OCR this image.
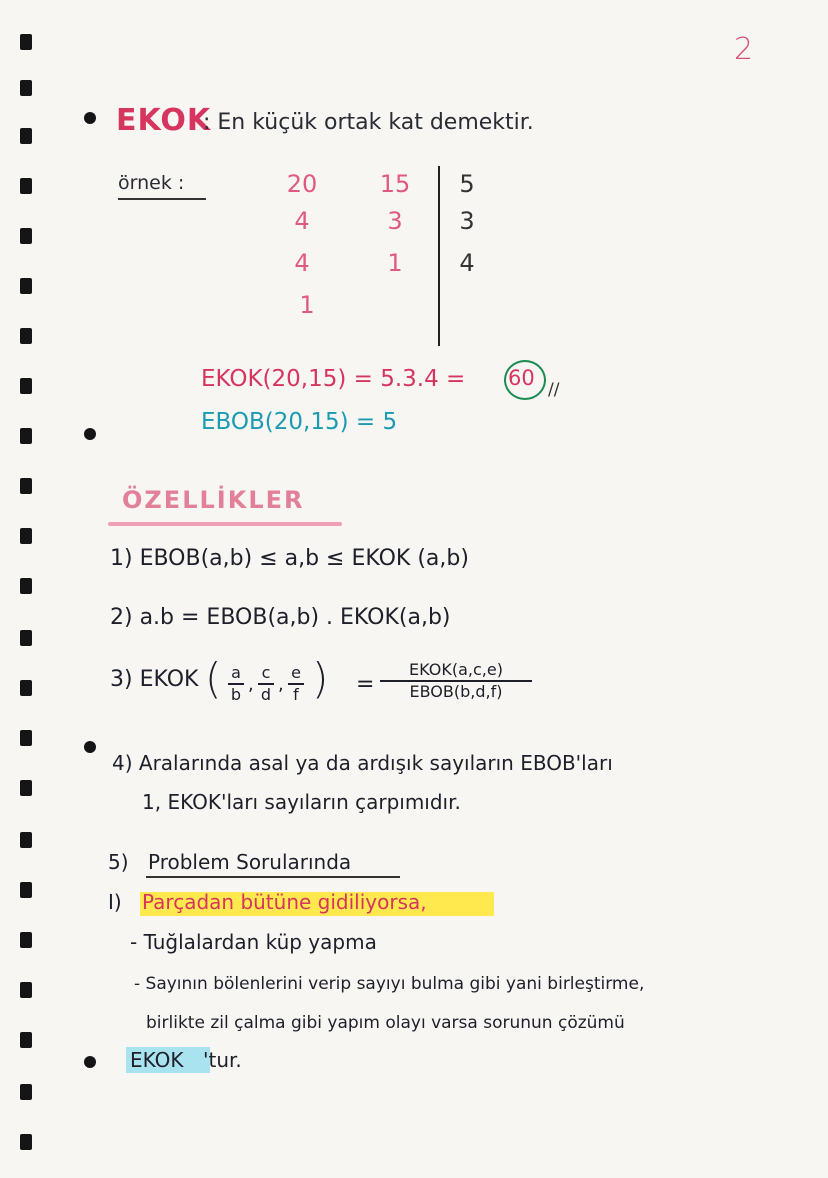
2
EKOK
: En küçük ortak kat demektir.
örnek :	20
4
4
1
15
3
1
5
3
4
EKOK(20,15) = 5.3.4 = 60 //
EBOB(20,15) = 5
ÖZELLİKLER
1) EBOB(a,b) ≤ a,b ≤ EKOK (a,b)
2) a.b = EBOB(a,b) . EKOK(a,b)
3) EKOK ( a
b ,
c
d ,
e
f ) =
EKOK(a,c,e)
EBOB(b,d,f)
4) Aralarında asal ya da ardışık sayıların EBOB'ları
1, EKOK'ları sayıların çarpımıdır.
5) Problem Sorularında
I) Parçadan bütüne gidiliyorsa,
- Tuğlalardan küp yapma
- Sayının bölenlerini verip sayıyı bulma gibi yani birleştirme,
birlikte zil çalma gibi yapım olayı varsa sorunun çözümü
EKOK 'tur.
